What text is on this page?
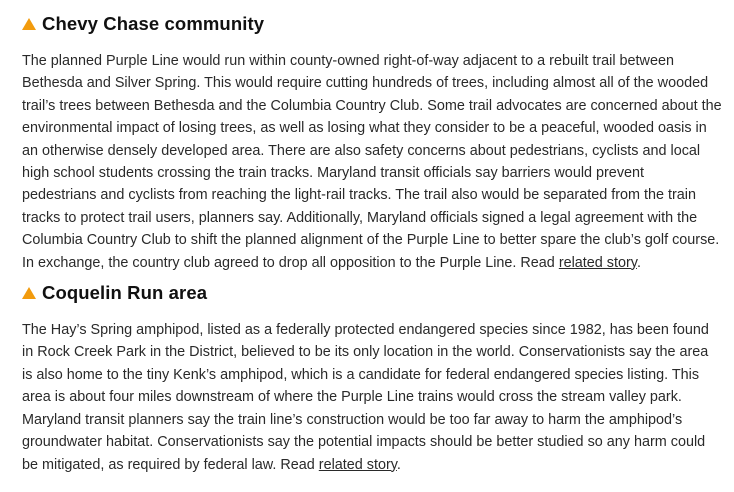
Chevy Chase community

The planned Purple Line would run within county-owned right-of-way adjacent to a rebuilt trail between Bethesda and Silver Spring. This would require cutting hundreds of trees, including almost all of the wooded trail’s trees between Bethesda and the Columbia Country Club. Some trail advocates are concerned about the environmental impact of losing trees, as well as losing what they consider to be a peaceful, wooded oasis in an otherwise densely developed area. There are also safety concerns about pedestrians, cyclists and local high school students crossing the train tracks. Maryland transit officials say barriers would prevent pedestrians and cyclists from reaching the light-rail tracks. The trail also would be separated from the train tracks to protect trail users, planners say. Additionally, Maryland officials signed a legal agreement with the Columbia Country Club to shift the planned alignment of the Purple Line to better spare the club’s golf course. In exchange, the country club agreed to drop all opposition to the Purple Line. Read related story.

Coquelin Run area

The Hay’s Spring amphipod, listed as a federally protected endangered species since 1982, has been found in Rock Creek Park in the District, believed to be its only location in the world. Conservationists say the area is also home to the tiny Kenk’s amphipod, which is a candidate for federal endangered species listing. This area is about four miles downstream of where the Purple Line trains would cross the stream valley park. Maryland transit planners say the train line’s construction would be too far away to harm the amphipod’s groundwater habitat. Conservationists say the potential impacts should be better studied so any harm could be mitigated, as required by federal law. Read related story.
